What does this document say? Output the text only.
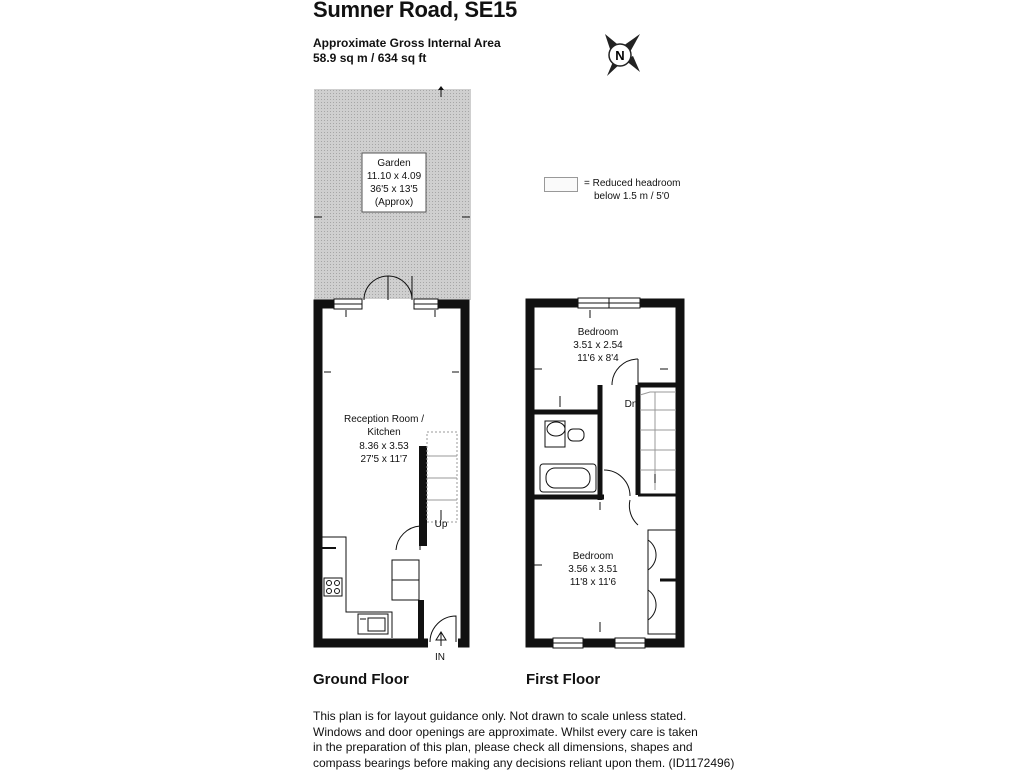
Sumner Road, SE15
Approximate Gross Internal Area
58.9 sq m / 634 sq ft
= Reduced headroom
below 1.5 m / 5'0
N
Garden
11.10 x 4.09
36'5 x 13'5
(Approx)
Reception Room /
Kitchen
8.36 x 3.53
27'5 x 11'7
Up
IN
Bedroom
3.51 x 2.54
11'6 x 8'4
Dn
Bedroom
3.56 x 3.51
11'8 x 11'6
Ground Floor	First Floor
This plan is for layout guidance only. Not drawn to scale unless stated.
Windows and door openings are approximate. Whilst every care is taken
in the preparation of this plan, please check all dimensions, shapes and
compass bearings before making any decisions reliant upon them. (ID1172496)
